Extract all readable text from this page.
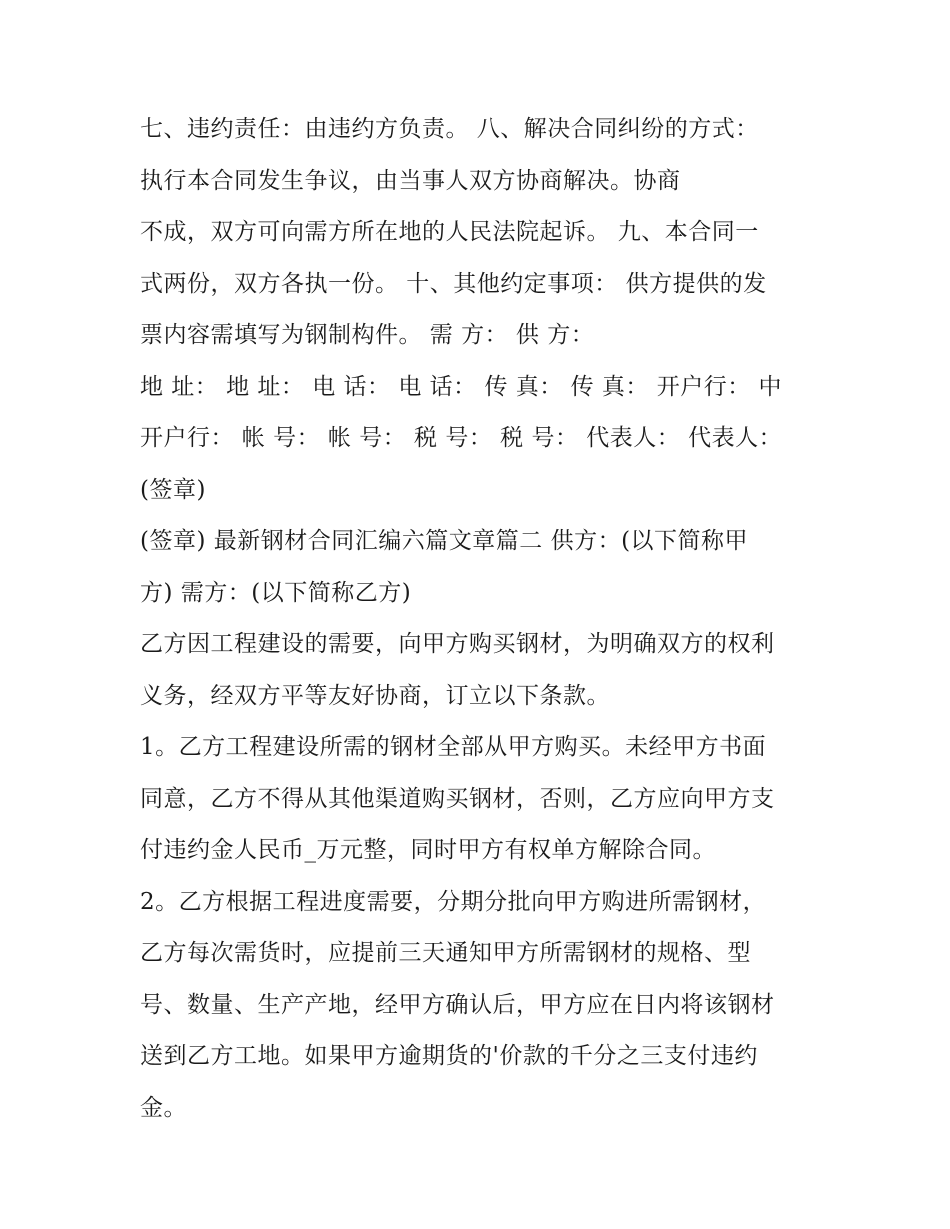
七、违约责任：由违约方负责。 八、解决合同纠纷的方式：
执行本合同发生争议，由当事人双方协商解决。协商
不成，双方可向需方所在地的人民法院起诉。 九、本合同一
式两份，双方各执一份。 十、其他约定事项： 供方提供的发
票内容需填写为钢制构件。 需 方： 供 方：
地 址： 地 址： 电 话： 电 话： 传 真： 传 真： 开户行： 中
开户行： 帐 号： 帐 号： 税 号： 税 号： 代表人： 代表人：
(签章)
(签章) 最新钢材合同汇编六篇文章篇二 供方：(以下简称甲
方) 需方：(以下简称乙方)
乙方因工程建设的需要，向甲方购买钢材，为明确双方的权利
义务，经双方平等友好协商，订立以下条款。
1。乙方工程建设所需的钢材全部从甲方购买。未经甲方书面
同意，乙方不得从其他渠道购买钢材，否则，乙方应向甲方支
付违约金人民币_万元整，同时甲方有权单方解除合同。
2。乙方根据工程进度需要，分期分批向甲方购进所需钢材，
乙方每次需货时，应提前三天通知甲方所需钢材的规格、型
号、数量、生产产地，经甲方确认后，甲方应在日内将该钢材
送到乙方工地。如果甲方逾期货的'价款的千分之三支付违约
金。
